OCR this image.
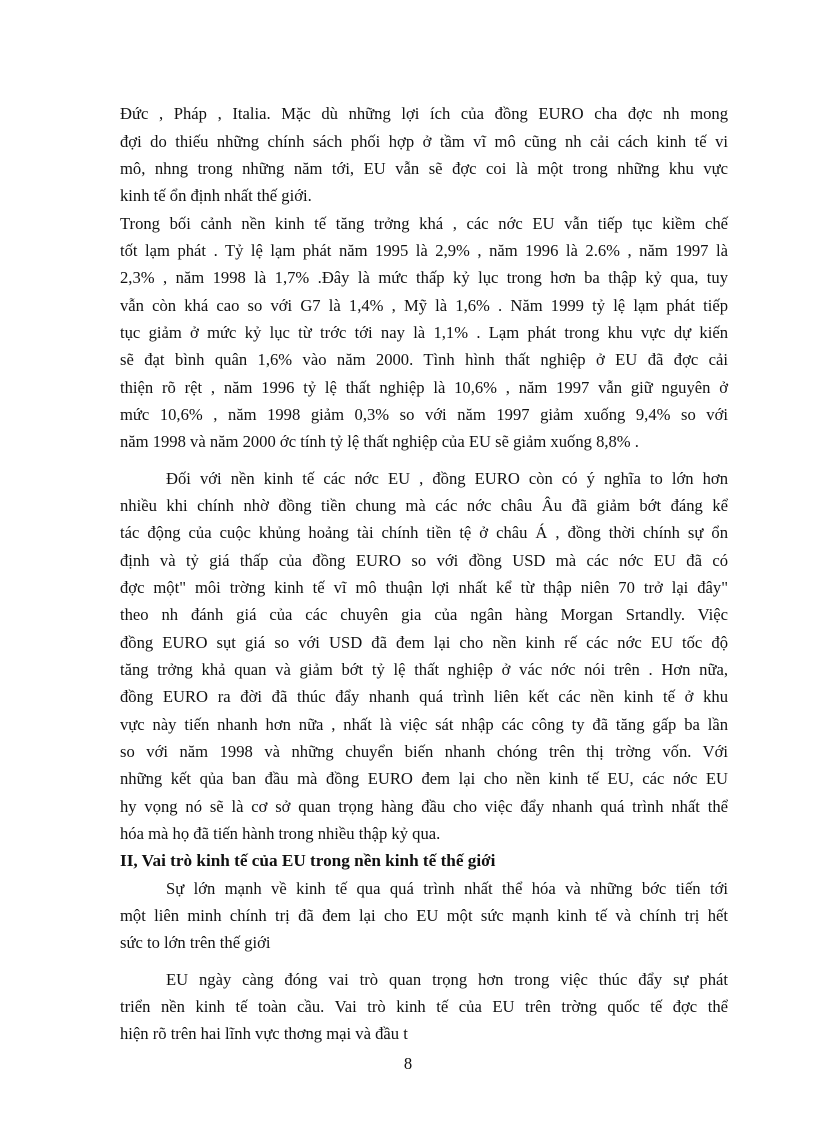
Đức , Pháp , Italia. Mặc dù những lợi ích của đồng EURO cha đợc nh mong
đợi do thiếu những chính sách phối hợp ở tầm vĩ mô cũng nh cải cách kinh tế vi
mô, nhng trong những năm tới, EU vẫn sẽ đợc coi là một trong những khu vực
kinh tế ổn định nhất thế giới.
Trong bối cảnh nền kinh tế tăng trởng khá , các nớc EU vẫn tiếp tục kiềm chế
tốt lạm phát . Tỷ lệ lạm phát năm 1995 là 2,9% , năm 1996 là 2.6% , năm 1997 là
2,3% , năm 1998 là 1,7% .Đây là mức thấp kỷ lục trong hơn ba thập kỷ qua, tuy
vẫn còn khá cao so với G7 là 1,4% , Mỹ là 1,6% . Năm 1999 tỷ lệ lạm phát tiếp
tục giảm ở mức kỷ lục từ trớc tới nay là 1,1% . Lạm phát trong khu vực dự kiến
sẽ đạt bình quân 1,6% vào năm 2000. Tình hình thất nghiệp ở EU đã đợc cải
thiện rõ rệt , năm 1996 tỷ lệ thất nghiệp là 10,6% , năm 1997 vẫn giữ nguyên ở
mức 10,6% , năm 1998 giảm 0,3% so với năm 1997 giảm xuống 9,4% so với
năm 1998 và năm 2000 ớc tính tỷ lệ thất nghiệp của EU sẽ giảm xuống 8,8% .
Đối với nền kinh tế các nớc EU , đồng EURO còn có ý nghĩa to lớn hơn
nhiều khi chính nhờ đồng tiền chung mà các nớc châu Âu đã giảm bớt đáng kể
tác động của cuộc khủng hoảng tài chính tiền tệ ở châu Á , đồng thời chính sự ổn
định và tỷ giá thấp của đồng EURO so với đồng USD mà các nớc EU đã có
đợc một" môi trờng kinh tế vĩ mô thuận lợi nhất kể từ thập niên 70 trở lại đây"
theo nh đánh giá của các chuyên gia của ngân hàng Morgan Srtandly. Việc
đồng EURO sụt giá so với USD đã đem lại cho nền kinh rế các nớc EU tốc độ
tăng trởng khả quan và giảm bớt tỷ lệ thất nghiệp ở vác nớc nói trên . Hơn nữa,
đồng EURO ra đời đã thúc đẩy nhanh quá trình liên kết các nền kinh tế ở khu
vực này tiến nhanh hơn nữa , nhất là việc sát nhập các công ty đã tăng gấp ba lần
so với năm 1998 và những chuyển biến nhanh chóng trên thị trờng vốn. Với
những kết qủa ban đầu mà đồng EURO đem lại cho nền kinh tế EU, các nớc EU
hy vọng nó sẽ là cơ sở quan trọng hàng đầu cho việc đẩy nhanh quá trình nhất thể
hóa mà họ đã tiến hành trong nhiều thập kỷ qua.
II, Vai trò kinh tế của EU trong nền kinh tế thế giới
Sự lớn mạnh về kinh tế qua quá trình nhất thể hóa và những bớc tiến tới
một liên minh chính trị đã đem lại cho EU một sức mạnh kinh tế và chính trị hết
sức to lớn trên thế giới
EU ngày càng đóng vai trò quan trọng hơn trong việc thúc đẩy sự phát
triển nền kinh tế toàn cầu. Vai trò kinh tế của EU trên trờng quốc tế đợc thể
hiện rõ trên hai lĩnh vực thơng mại và đầu t
8
